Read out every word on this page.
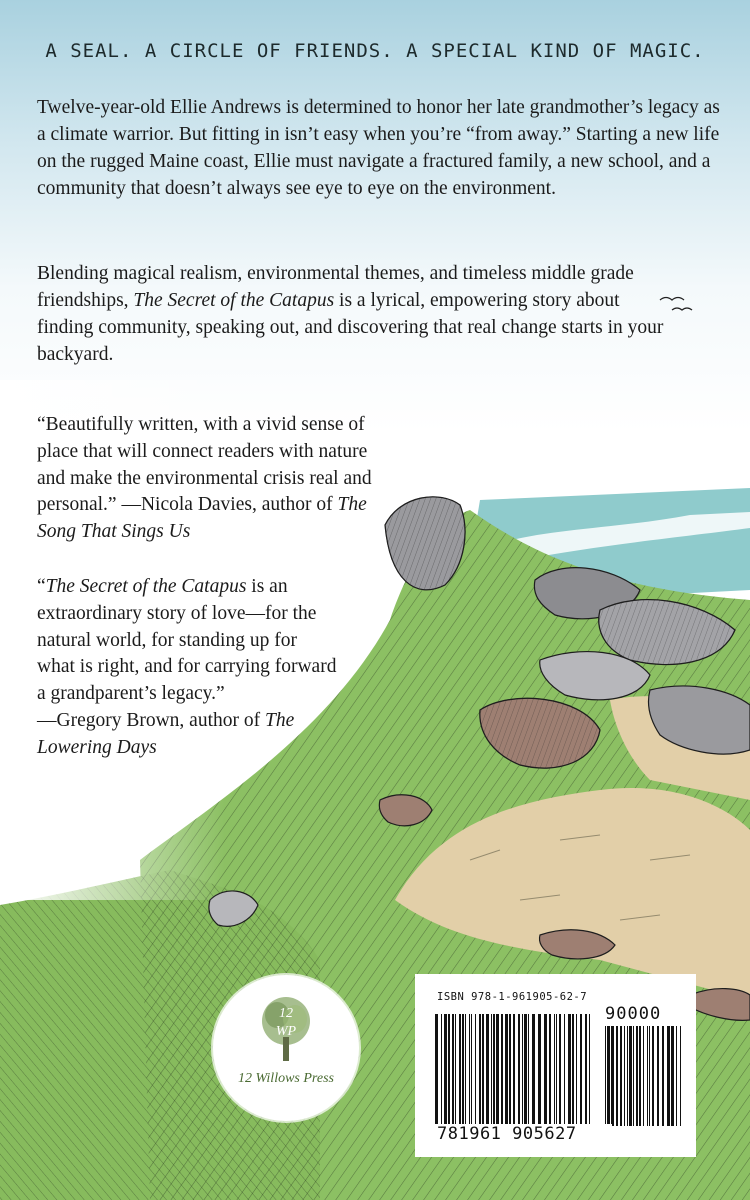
A SEAL. A CIRCLE OF FRIENDS. A SPECIAL KIND OF MAGIC.

Twelve-year-old Ellie Andrews is determined to honor her late grandmother’s legacy as a climate warrior. But fitting in isn’t easy when you’re “from away.” Starting a new life on the rugged Maine coast, Ellie must navigate a fractured family, a new school, and a community that doesn’t always see eye to eye on the environment.

Blending magical realism, environmental themes, and timeless middle grade friendships, The Secret of the Catapus is a lyrical, empowering story about finding community, speaking out, and discovering that real change starts in your backyard.

“Beautifully written, with a vivid sense of place that will connect readers with nature and make the environmental crisis real and personal.” —Nicola Davies, author of The Song That Sings Us

“The Secret of the Catapus is an extraordinary story of love—for the natural world, for standing up for what is right, and for carrying forward a grandparent’s legacy.”
—Gregory Brown, author of The Lowering Days

12
WP
12 Willows Press
ISBN 978-1-961905-62-7
90000
781961 905627
